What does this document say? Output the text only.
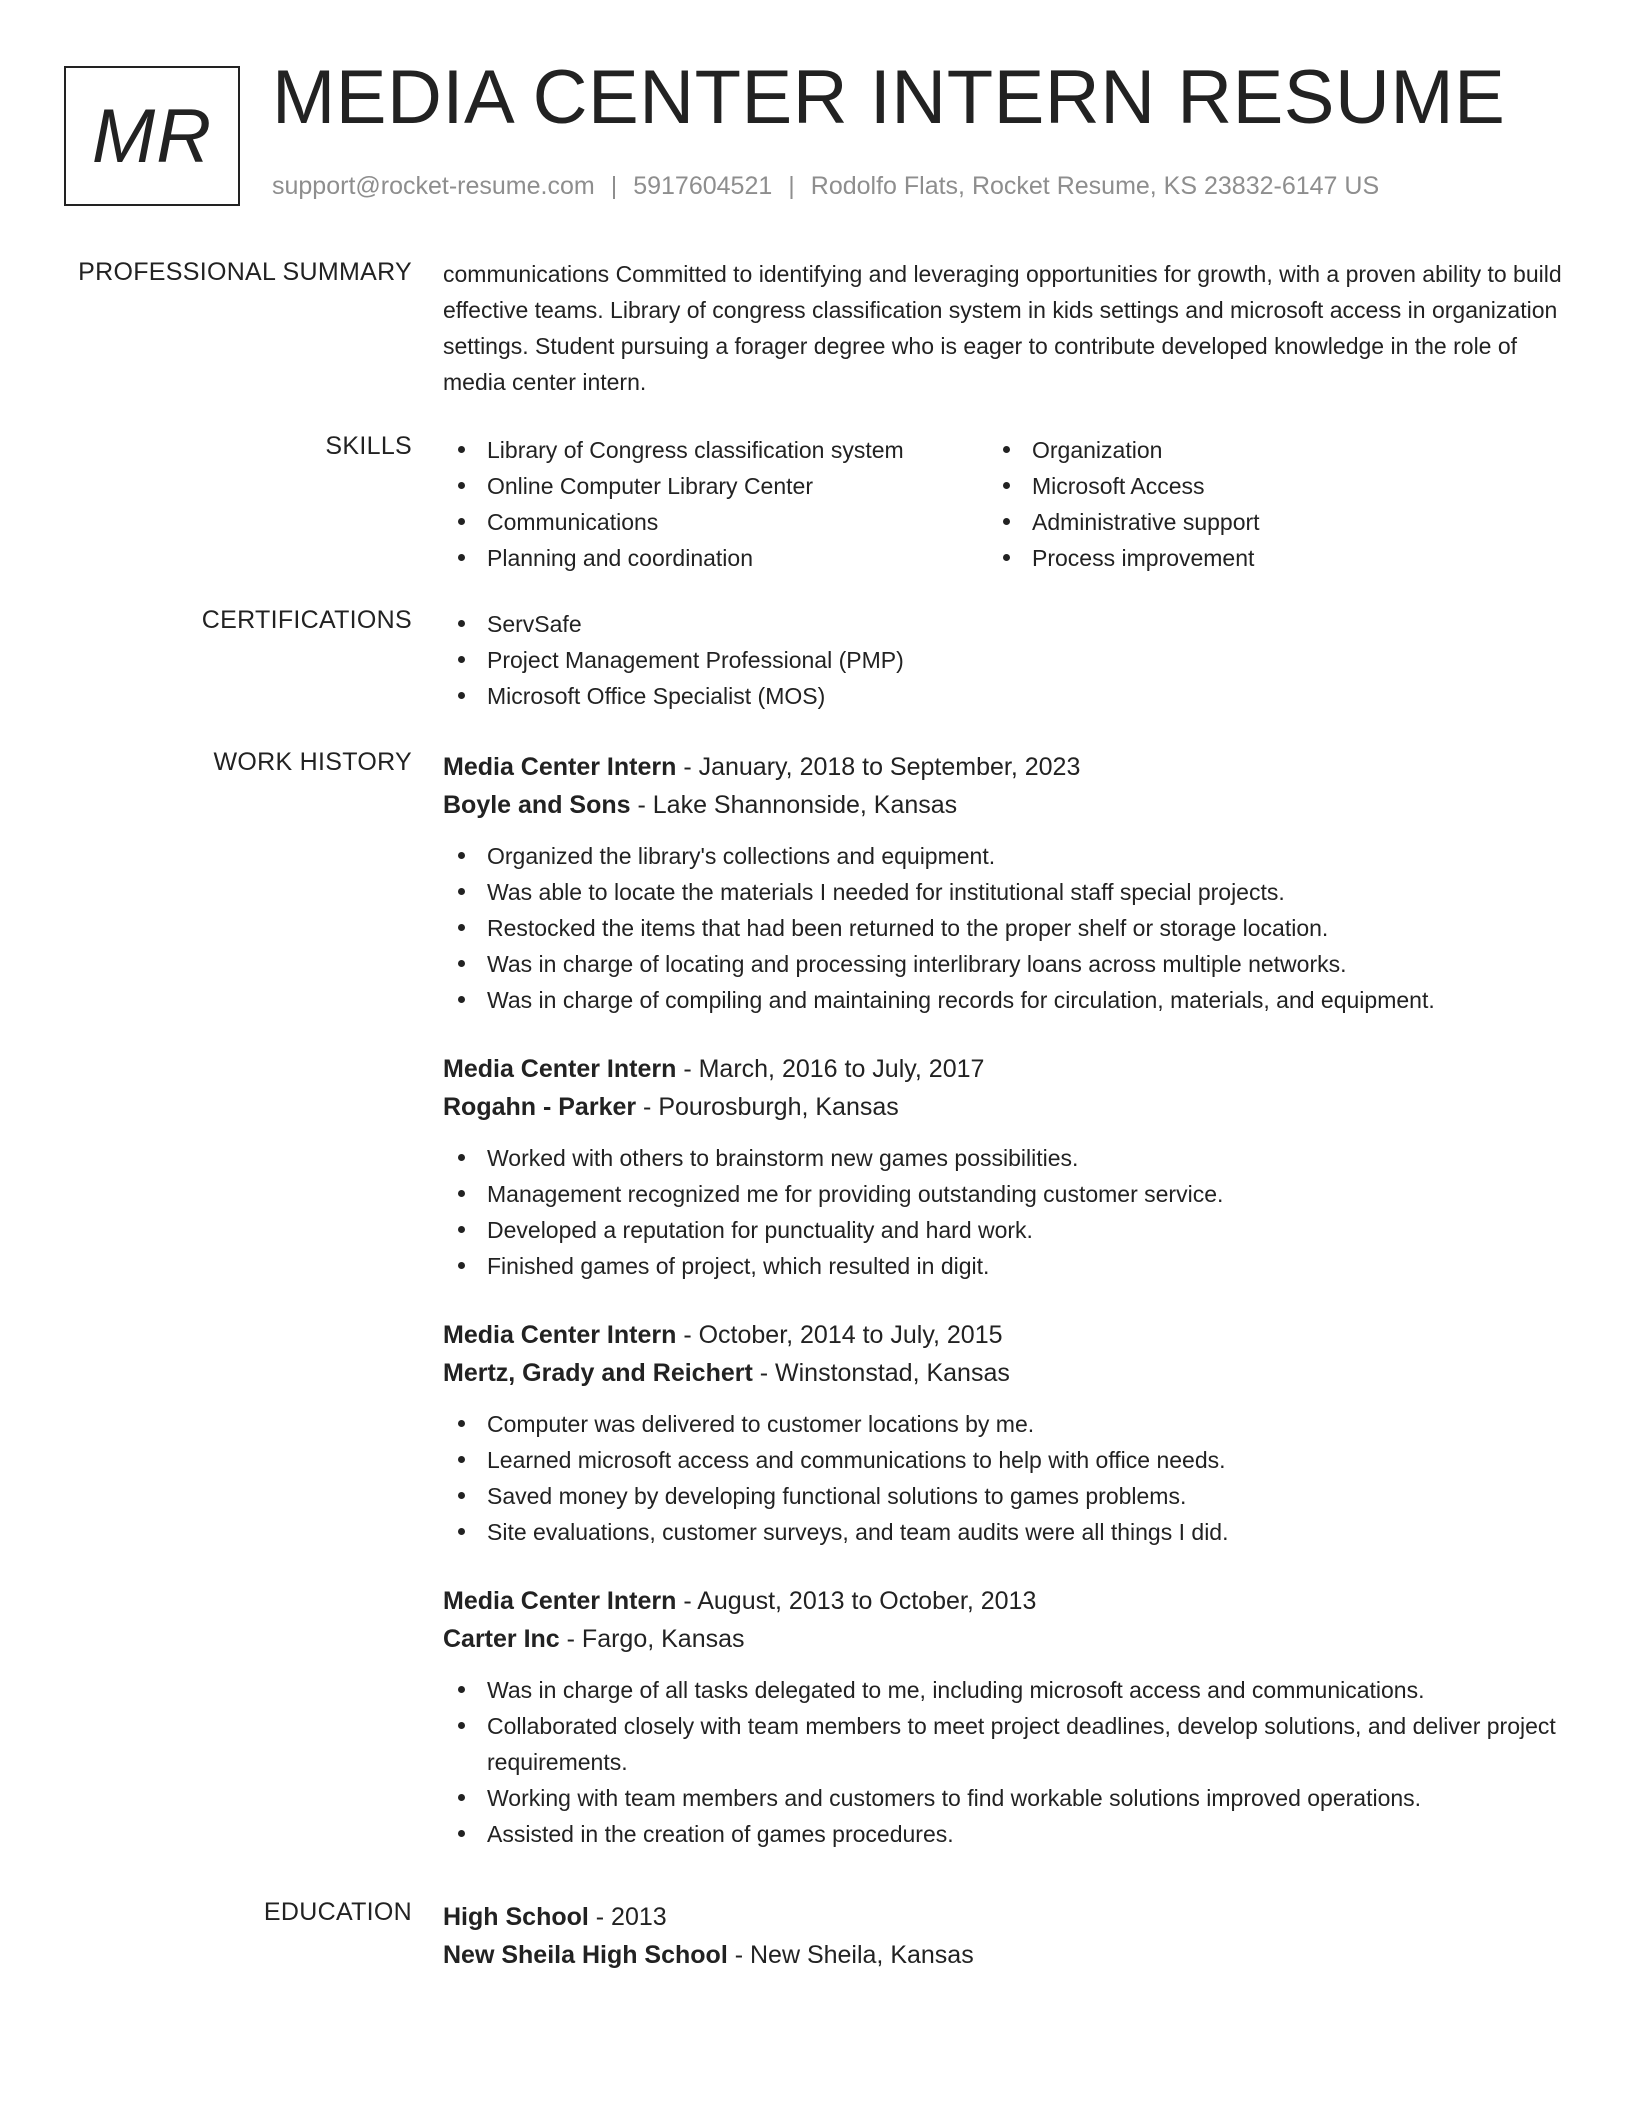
MR MEDIA CENTER INTERN RESUME
support@rocket-resume.com | 5917604521 | Rodolfo Flats, Rocket Resume, KS 23832-6147 US
PROFESSIONAL SUMMARY communications Committed to identifying and leveraging opportunities for growth, with a proven ability to build effective teams. Library of congress classification system in kids settings and microsoft access in organization settings. Student pursuing a forager degree who is eager to contribute developed knowledge in the role of media center intern.

SKILLS	Library of Congress classification system
Online Computer Library Center
Communications
Planning and coordination
Organization
Microsoft Access
Administrative support
Process improvement
CERTIFICATIONS	ServSafe
Project Management Professional (PMP)
Microsoft Office Specialist (MOS)
WORK HISTORY Media Center Intern - January, 2018 to September, 2023
Boyle and Sons - Lake Shannonside, Kansas
Organized the library's collections and equipment.
Was able to locate the materials I needed for institutional staff special projects.
Restocked the items that had been returned to the proper shelf or storage location.
Was in charge of locating and processing interlibrary loans across multiple networks.
Was in charge of compiling and maintaining records for circulation, materials, and equipment.
Media Center Intern - March, 2016 to July, 2017
Rogahn - Parker - Pourosburgh, Kansas
Worked with others to brainstorm new games possibilities.
Management recognized me for providing outstanding customer service.
Developed a reputation for punctuality and hard work.
Finished games of project, which resulted in digit.
Media Center Intern - October, 2014 to July, 2015
Mertz, Grady and Reichert - Winstonstad, Kansas
Computer was delivered to customer locations by me.
Learned microsoft access and communications to help with office needs.
Saved money by developing functional solutions to games problems.
Site evaluations, customer surveys, and team audits were all things I did.
Media Center Intern - August, 2013 to October, 2013
Carter Inc - Fargo, Kansas
Was in charge of all tasks delegated to me, including microsoft access and communications.
Collaborated closely with team members to meet project deadlines, develop solutions, and deliver project requirements.
Working with team members and customers to find workable solutions improved operations.
Assisted in the creation of games procedures.
EDUCATION High School - 2013
New Sheila High School - New Sheila, Kansas
